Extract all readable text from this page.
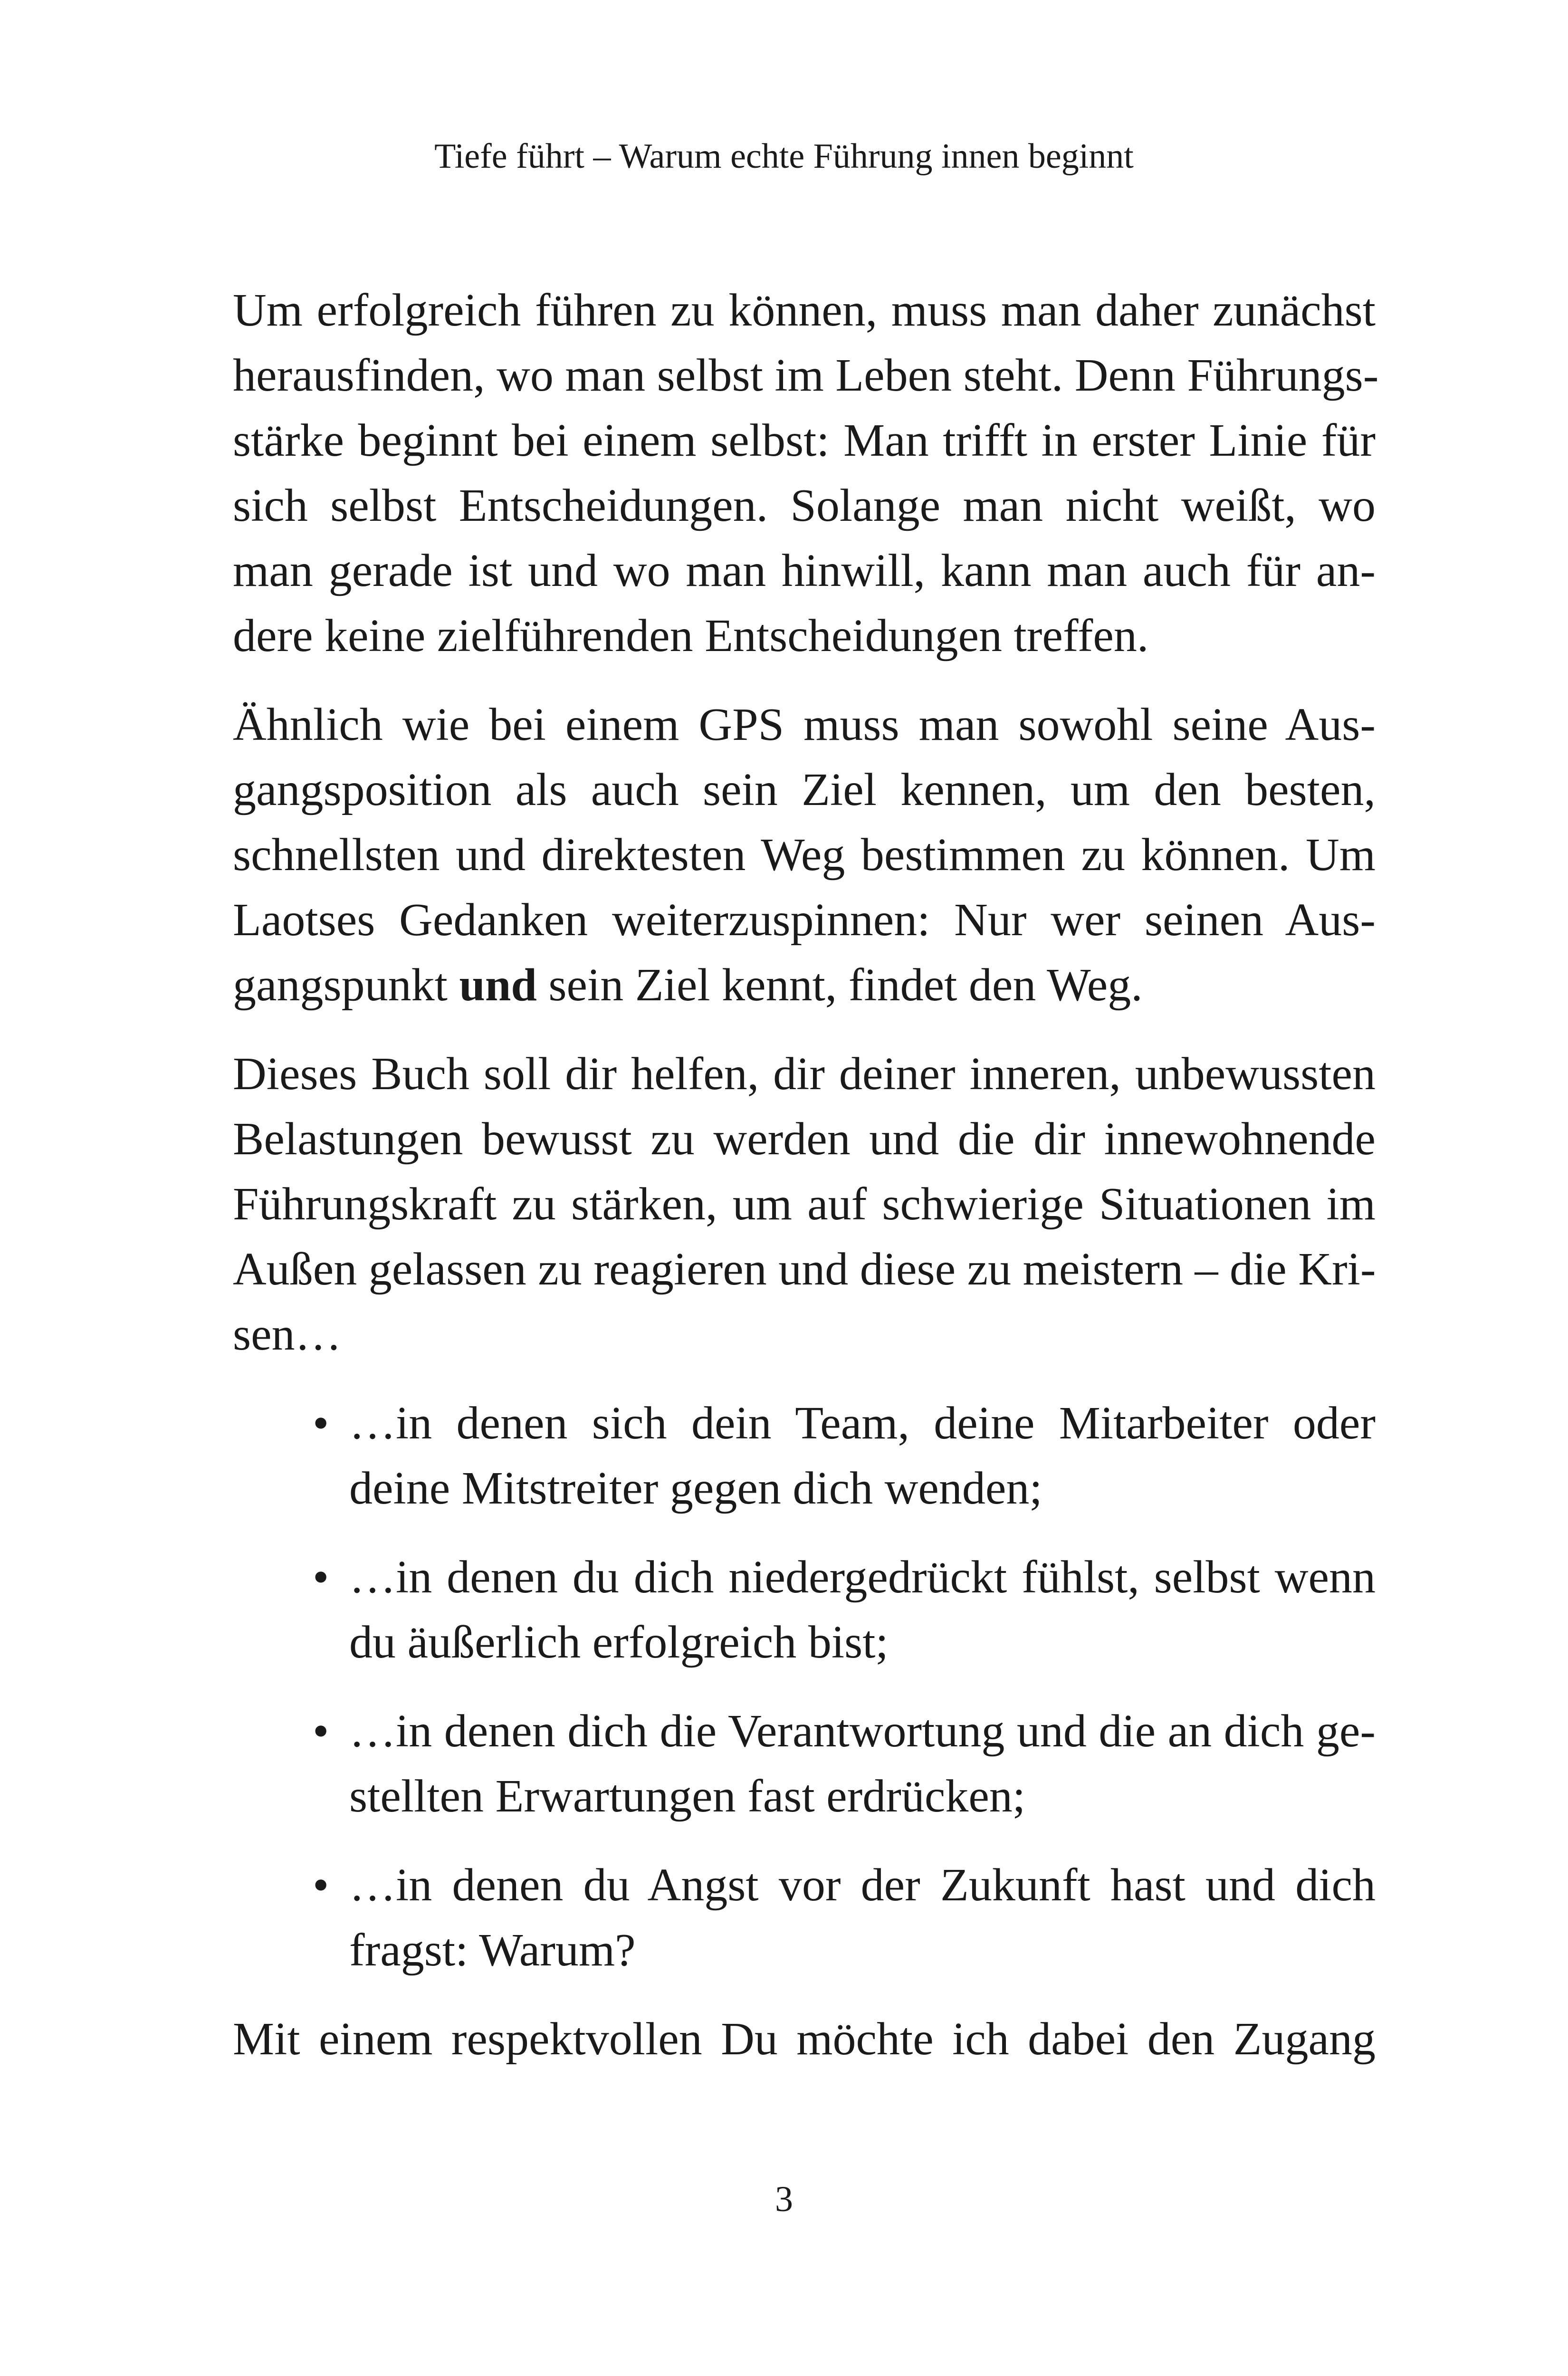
Tiefe führt – Warum echte Führung innen beginnt

Um erfolgreich führen zu können, muss man daher zunächst
herausfinden, wo man selbst im Leben steht. Denn Führungs-
stärke beginnt bei einem selbst: Man trifft in erster Linie für
sich selbst Entscheidungen. Solange man nicht weißt, wo
man gerade ist und wo man hinwill, kann man auch für an-
dere keine zielführenden Entscheidungen treffen.

Ähnlich wie bei einem GPS muss man sowohl seine Aus-
gangsposition als auch sein Ziel kennen, um den besten,
schnellsten und direktesten Weg bestimmen zu können. Um
Laotses Gedanken weiterzuspinnen: Nur wer seinen Aus-
gangspunkt und sein Ziel kennt, findet den Weg.

Dieses Buch soll dir helfen, dir deiner inneren, unbewussten
Belastungen bewusst zu werden und die dir innewohnende
Führungskraft zu stärken, um auf schwierige Situationen im
Außen gelassen zu reagieren und diese zu meistern – die Kri-
sen…

• …in denen sich dein Team, deine Mitarbeiter oder
deine Mitstreiter gegen dich wenden;
• …in denen du dich niedergedrückt fühlst, selbst wenn
du äußerlich erfolgreich bist;
• …in denen dich die Verantwortung und die an dich ge-
stellten Erwartungen fast erdrücken;
• …in denen du Angst vor der Zukunft hast und dich
fragst: Warum?

Mit einem respektvollen Du möchte ich dabei den Zugang

3
